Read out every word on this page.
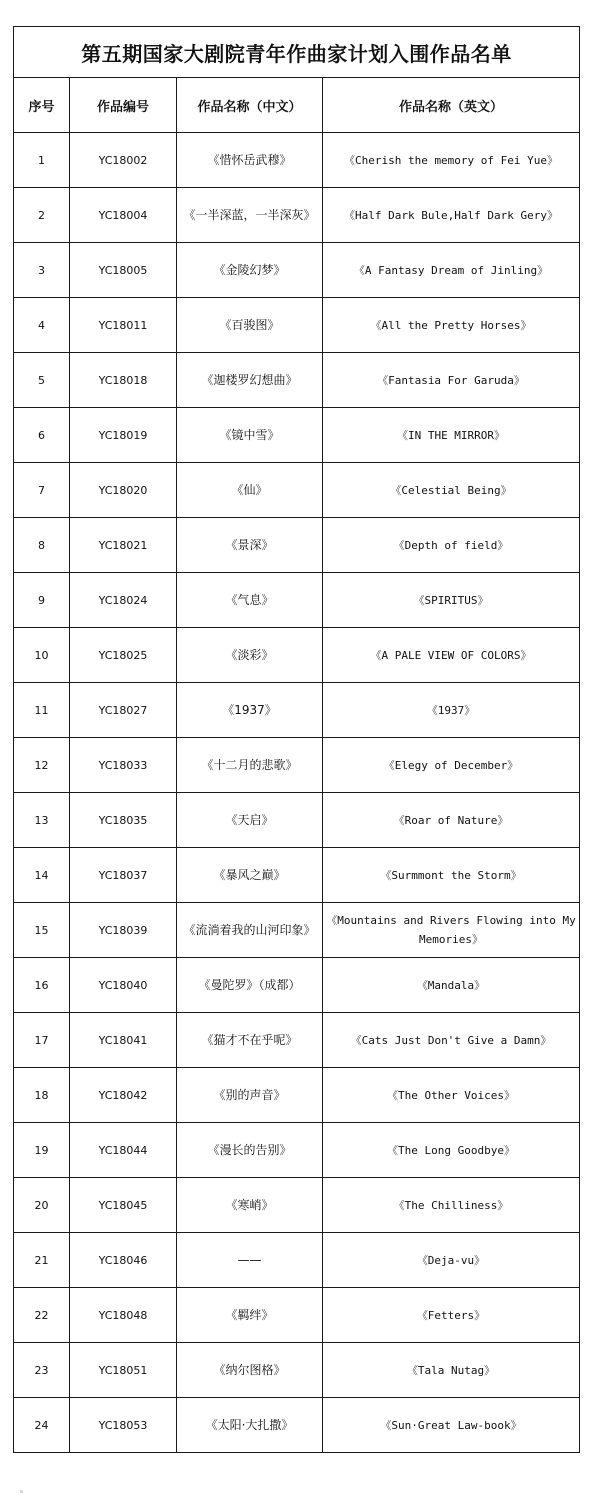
第五期国家大剧院青年作曲家计划入围作品名单			
序号	作品编号	作品名称（中文）	作品名称（英文）
1	YC18002	《惜怀岳武穆》	《Cherish the memory of Fei Yue》
2	YC18004	《一半深蓝，一半深灰》	《Half Dark Bule,Half Dark Gery》
3	YC18005	《金陵幻梦》	《A Fantasy Dream of Jinling》
4	YC18011	《百骏图》	《All the Pretty Horses》
5	YC18018	《迦楼罗幻想曲》	《Fantasia For Garuda》
6	YC18019	《镜中雪》	《IN THE MIRROR》
7	YC18020	《仙》	《Celestial Being》
8	YC18021	《景深》	《Depth of field》
9	YC18024	《气息》	《SPIRITUS》
10	YC18025	《淡彩》	《A PALE VIEW OF COLORS》
11	YC18027	《1937》	《1937》
12	YC18033	《十二月的悲歌》	《Elegy of December》
13	YC18035	《天启》	《Roar of Nature》
14	YC18037	《暴风之巅》	《Surmmont the Storm》
15	YC18039	《流淌着我的山河印象》	《Mountains and Rivers Flowing into My Memories》
16	YC18040	《曼陀罗》（成都）	《Mandala》
17	YC18041	《猫才不在乎呢》	《Cats Just Don't Give a Damn》
18	YC18042	《别的声音》	《The Other Voices》
19	YC18044	《漫长的告别》	《The Long Goodbye》
20	YC18045	《寒峭》	《The Chilliness》
21	YC18046	——	《Deja-vu》
22	YC18048	《羁绊》	《Fetters》
23	YC18051	《纳尔图格》	《Tala Nutag》
24	YC18053	《太阳·大扎撒》	《Sun·Great Law-book》
